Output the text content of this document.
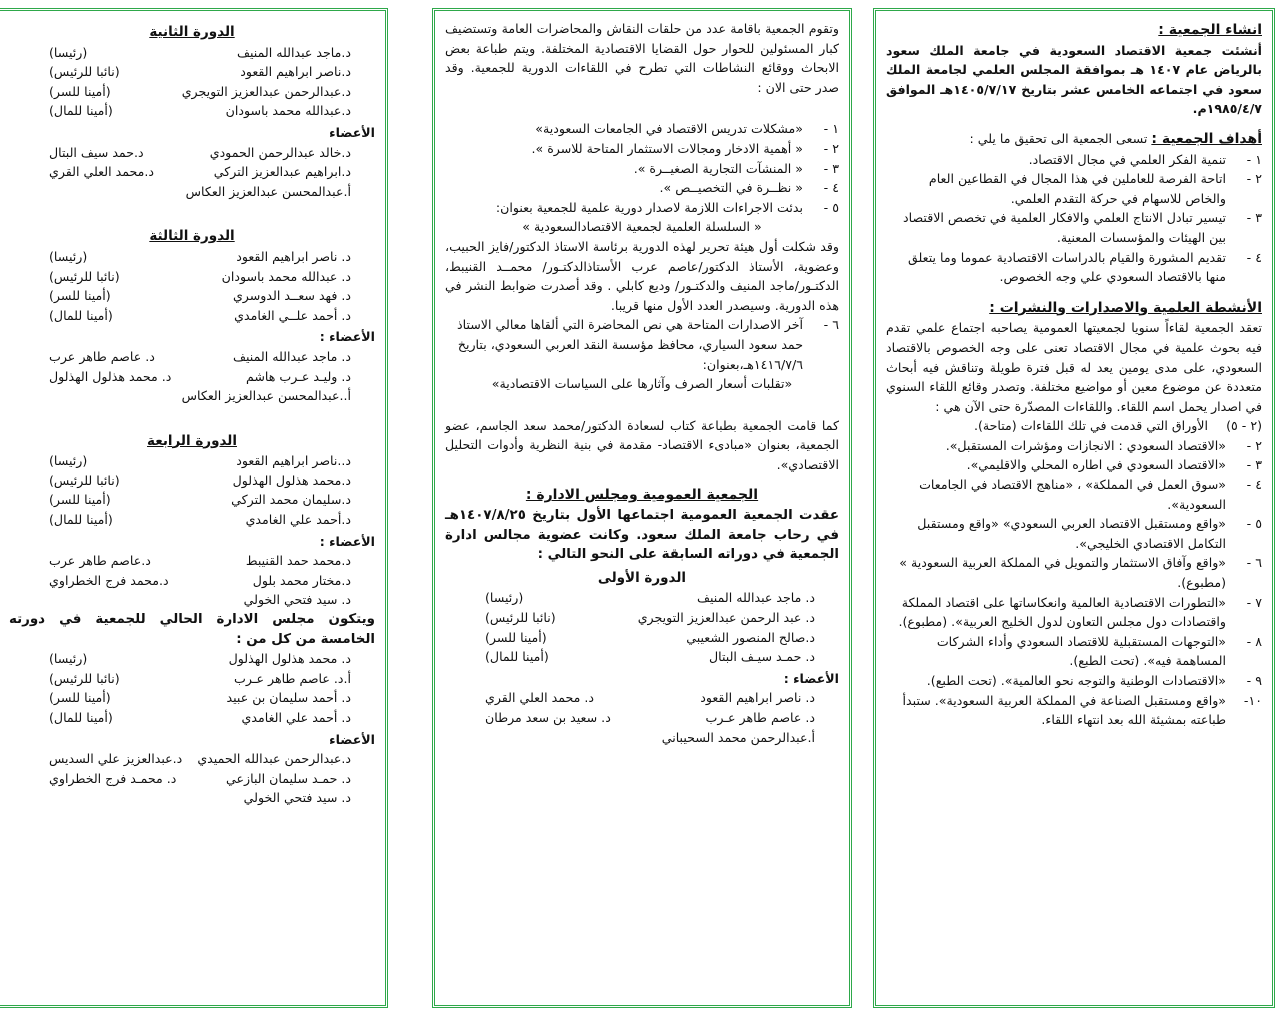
انشاء الجمعية :

أنشئت جمعية الاقتصاد السعودية في جامعة الملك سعود بالرياض عام ١٤٠٧ هـ بموافقة المجلس العلمي لجامعة الملك سعود في اجتماعه الخامس عشر بتاريخ ١٤٠٥/٧/١٧هـ الموافق ١٩٨٥/٤/٧م.

أهداف الجمعية : تسعى الجمعية الى تحقيق ما يلي :
١ -
تنمية الفكر العلمي في مجال الاقتصاد.
٢ -
اتاحة الفرصة للعاملين في هذا المجال في القطاعين العام والخاص للاسهام في حركة التقدم العلمي.
٣ -
تيسير تبادل الانتاج العلمي والافكار العلمية في تخصص الاقتصاد بين الهيئات والمؤسسات المعنية.
٤ -
تقديم المشورة والقيام بالدراسات الاقتصادية عموما وما يتعلق منها بالاقتصاد السعودي علي وجه الخصوص.
الأنشطة العلمية والاصدارات والنشرات :

تعقد الجمعية لقاءاً سنويا لجمعيتها العمومية يصاحبه اجتماع علمي تقدم فيه بحوث علمية في مجال الاقتصاد تعنى على وجه الخصوص بالاقتصاد السعودي، على مدى يومين يعد له قبل فترة طويلة وتناقش فيه أبحاث متعددة عن موضوع معين أو مواضيع مختلفة. وتصدر وقائع اللقاء السنوي في اصدار يحمل اسم اللقاء. واللقاءات المصدّرة حتى الآن هي :

(٢ - ٥)
الأوراق التي قدمت في تلك اللقاءات (متاحة).
٢ -
«الاقتصاد السعودي : الانجازات ومؤشرات المستقبل».
٣ -
«الاقتصاد السعودي في اطاره المحلي والاقليمي».
٤ -
«سوق العمل في المملكة» ، «مناهج الاقتصاد في الجامعات السعودية».
٥ -
«واقع ومستقبل الاقتصاد العربي السعودي» «واقع ومستقبل التكامل الاقتصادي الخليجي».
٦ -
«واقع وآفاق الاستثمار والتمويل في المملكة العربية السعودية » (مطبوع).
٧ -
«التطورات الاقتصادية العالمية وانعكاساتها على اقتصاد المملكة واقتصادات دول مجلس التعاون لدول الخليج العربية». (مطبوع).
٨ -
«التوجهات المستقبلية للاقتصاد السعودي وأداء الشركات المساهمة فيه». (تحت الطبع).
٩ -
«الاقتصادات الوطنية والتوجه نحو العالمية». (تحت الطبع).
١٠-
«واقع ومستقبل الصناعة في المملكة العربية السعودية». ستبدأ طباعته بمشيئة الله بعد انتهاء اللقاء.

وتقوم الجمعية باقامة عدد من حلقات النقاش والمحاضرات العامة وتستضيف كبار المسئولين للحوار حول القضايا الاقتصادية المختلفة. ويتم طباعة بعض الابحاث ووقائع النشاطات التي تطرح في اللقاءات الدورية للجمعية. وقد صدر حتى الان :

١ -
«مشكلات تدريس الاقتصاد في الجامعات السعودية»
٢ -
« أهمية الادخار ومجالات الاستثمار المتاحة للاسرة ».
٣ -
« المنشآت التجارية الصغيــرة ».
٤ -
« نظــرة في التخصيــص ».
٥ -
بدئت الاجراءات اللازمة لاصدار دورية علمية للجمعية بعنوان:
« السلسلة العلمية لجمعية الاقتصادالسعودية »

وقد شكلت أول هيئة تحرير لهذه الدورية برئاسة الاستاذ الدكتور/فايز الحبيب، وعضوية، الأستاذ الدكتور/عاصم عرب الأستاذالدكتـور/ محمــد القنيبط، الدكتـور/ماجد المنيف والدكتـور/ وديع كابلي . وقد أصدرت ضوابط النشر في هذه الدورية. وسيصدر العدد الأول منها قريبا.

٦ -
آخر الاصدارات المتاحة هي نص المحاضرة التي ألقاها معالي الاستاذ حمد سعود السياري، محافظ مؤسسة النقد العربي السعودي، بتاريخ ١٤١٦/٧/٦هـ،بعنوان:
«تقلبات أسعار الصرف وآثارها على السياسات الاقتصادية»

كما قامت الجمعية بطباعة كتاب لسعادة الدكتور/محمد سعد الجاسم، عضو الجمعية، بعنوان «مبادىء الاقتصاد- مقدمة في بنية النظرية وأدوات التحليل الاقتصادي».

الجمعية العمومية ومجلس الادارة :

عقدت الجمعية العمومية اجتماعها الأول بتاريخ ١٤٠٧/٨/٢٥هـ في رحاب جامعة الملك سعود. وكانت عضوية مجالس ادارة الجمعية في دوراته السابقة على النحو التالي :

الدورة الأولى
د. ماجد عبدالله المنيف
(رئيسا)
د. عبد الرحمن عبدالعزيز التويجري
(نائبا للرئيس)
د.صالح المنصور الشعيبي
(أمينا للسر)
د. حمـد سيـف البتال
(أمينا للمال)
الأعضاء :
د. ناصر ابراهيم القعود
د. محمد العلي القري
د. عاصم طاهر عـرب
د. سعيد بن سعد مرطان
أ.عبدالرحمن محمد السحيباني
الدورة الثانية
د.ماجد عبدالله المنيف
(رئيسا)
د.ناصر ابراهيم القعود
(نائبا للرئيس)
د.عبدالرحمن عبدالعزيز التويجري
(أمينا للسر)
د.عبدالله محمد باسودان
(أمينا للمال)
الأعضاء
د.خالد عبدالرحمن الحمودي
د.حمد سيف البتال
د.ابراهيم عبدالعزيز التركي
د.محمد العلي القري
أ.عبدالمحسن عبدالعزيز العكاس
الدورة الثالثة
د. ناصر ابراهيم القعود
(رئيسا)
د. عبدالله محمد باسودان
(نائبا للرئيس)
د. فهد سعــد الدوسري
(أمينا للسر)
د. أحمد علــي الغامدي
(أمينا للمال)
الأعضاء :
د. ماجد عبدالله المنيف
د. عاصم طاهر عرب
د. وليـد عـرب هاشم
د. محمد هذلول الهذلول
أ..عبدالمحسن عبدالعزيز العكاس
الدورة الرابعة
د..ناصر ابراهيم القعود
(رئيسا)
د.محمد هذلول الهذلول
(نائبا للرئيس)
د.سليمان محمد التركي
(أمينا للسر)
د.أحمد علي الغامدي
(أمينا للمال)
الأعضاء :
د.محمد حمد القنيبط
د.عاصم طاهر عرب
د.مختار محمد بلول
د.محمد فرج الخطراوي
د. سيد فتحي الخولي

ويتكون مجلس الادارة الحالي للجمعية في دورته الخامسة من كل من :

د. محمد هذلول الهذلول
(رئيسا)
أ.د. عاصم طاهر عـرب
(نائبا للرئيس)
د. أحمد سليمان بن عبيد
(أمينا للسر)
د. أحمد علي الغامدي
(أمينا للمال)
الأعضاء
د.عبدالرحمن عبدالله الحميدي
د.عبدالعزيز علي السديس
د. حمـد سليمان البازعي
د. محمـد فرج الخطراوي
د. سيد فتحي الخولي
